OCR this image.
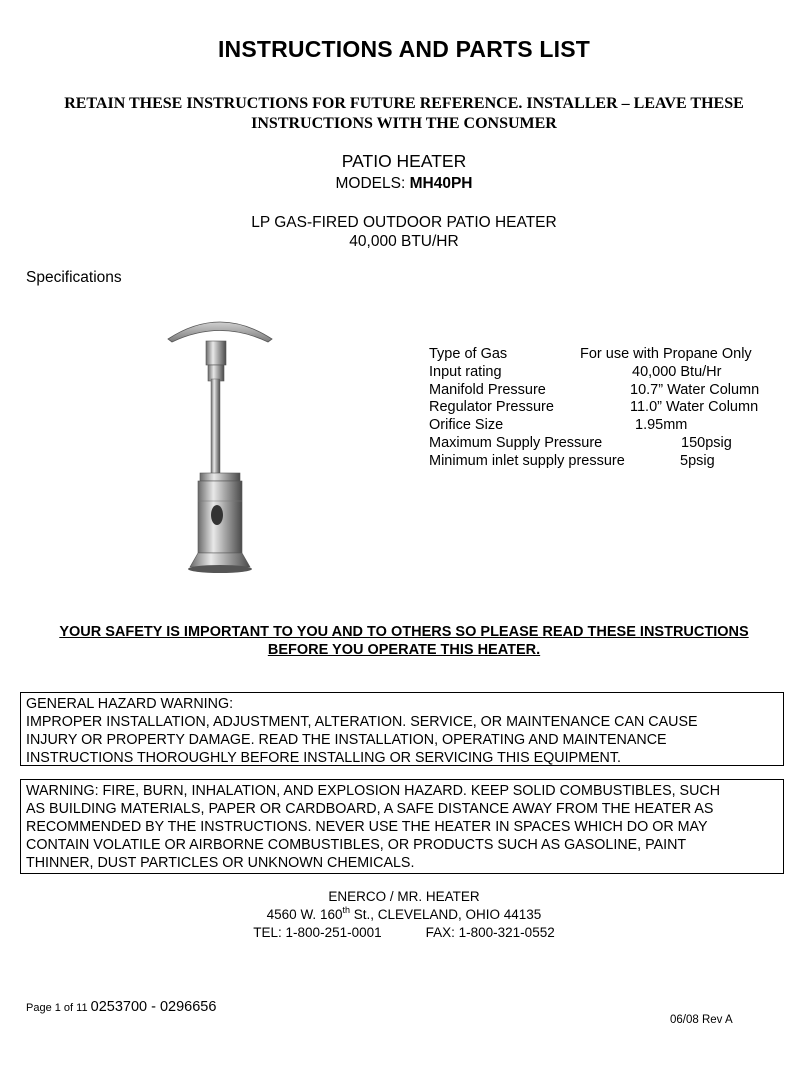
INSTRUCTIONS AND PARTS LIST
RETAIN THESE INSTRUCTIONS FOR FUTURE REFERENCE. INSTALLER – LEAVE THESE
INSTRUCTIONS WITH THE CONSUMER
PATIO HEATER
MODELS: MH40PH
LP GAS-FIRED OUTDOOR PATIO HEATER
40,000 BTU/HR
Specifications
Type of Gas	For use with Propane Only
Input rating	40,000 Btu/Hr
Manifold Pressure	10.7” Water Column
Regulator Pressure	11.0” Water Column
Orifice Size	1.95mm
Maximum Supply Pressure	150psig
Minimum inlet supply pressure	5psig
YOUR SAFETY IS IMPORTANT TO YOU AND TO OTHERS SO PLEASE READ THESE INSTRUCTIONS
BEFORE YOU OPERATE THIS HEATER.
GENERAL HAZARD WARNING:
IMPROPER INSTALLATION, ADJUSTMENT, ALTERATION. SERVICE, OR MAINTENANCE CAN CAUSE
INJURY OR PROPERTY DAMAGE. READ THE INSTALLATION, OPERATING AND MAINTENANCE
INSTRUCTIONS THOROUGHLY BEFORE INSTALLING OR SERVICING THIS EQUIPMENT.
WARNING: FIRE, BURN, INHALATION, AND EXPLOSION HAZARD. KEEP SOLID COMBUSTIBLES, SUCH
AS BUILDING MATERIALS, PAPER OR CARDBOARD, A SAFE DISTANCE AWAY FROM THE HEATER AS
RECOMMENDED BY THE INSTRUCTIONS. NEVER USE THE HEATER IN SPACES WHICH DO OR MAY
CONTAIN VOLATILE OR AIRBORNE COMBUSTIBLES, OR PRODUCTS SUCH AS GASOLINE, PAINT
THINNER, DUST PARTICLES OR UNKNOWN CHEMICALS.
ENERCO / MR. HEATER
4560 W. 160th St., CLEVELAND, OHIO 44135
TEL: 1-800-251-0001	FAX: 1-800-321-0552
Page 1 of 11 0253700 - 0296656
06/08 Rev A
